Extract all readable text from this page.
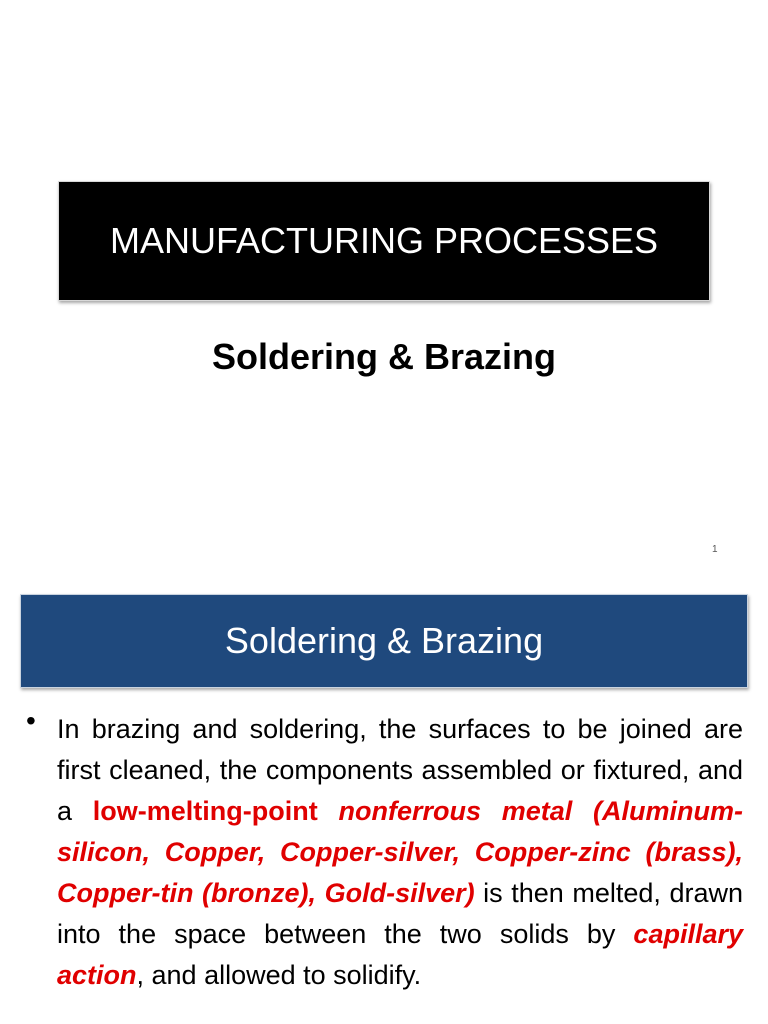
MANUFACTURING PROCESSES
Soldering & Brazing
1
Soldering & Brazing
• In brazing and soldering, the surfaces to be joined are first cleaned, the components assembled or fixtured, and a low-melting-point nonferrous metal (Aluminum-silicon, Copper, Copper-silver, Copper-zinc (brass), Copper-tin (bronze), Gold-silver) is then melted, drawn into the space between the two solids by capillary action, and allowed to solidify.
